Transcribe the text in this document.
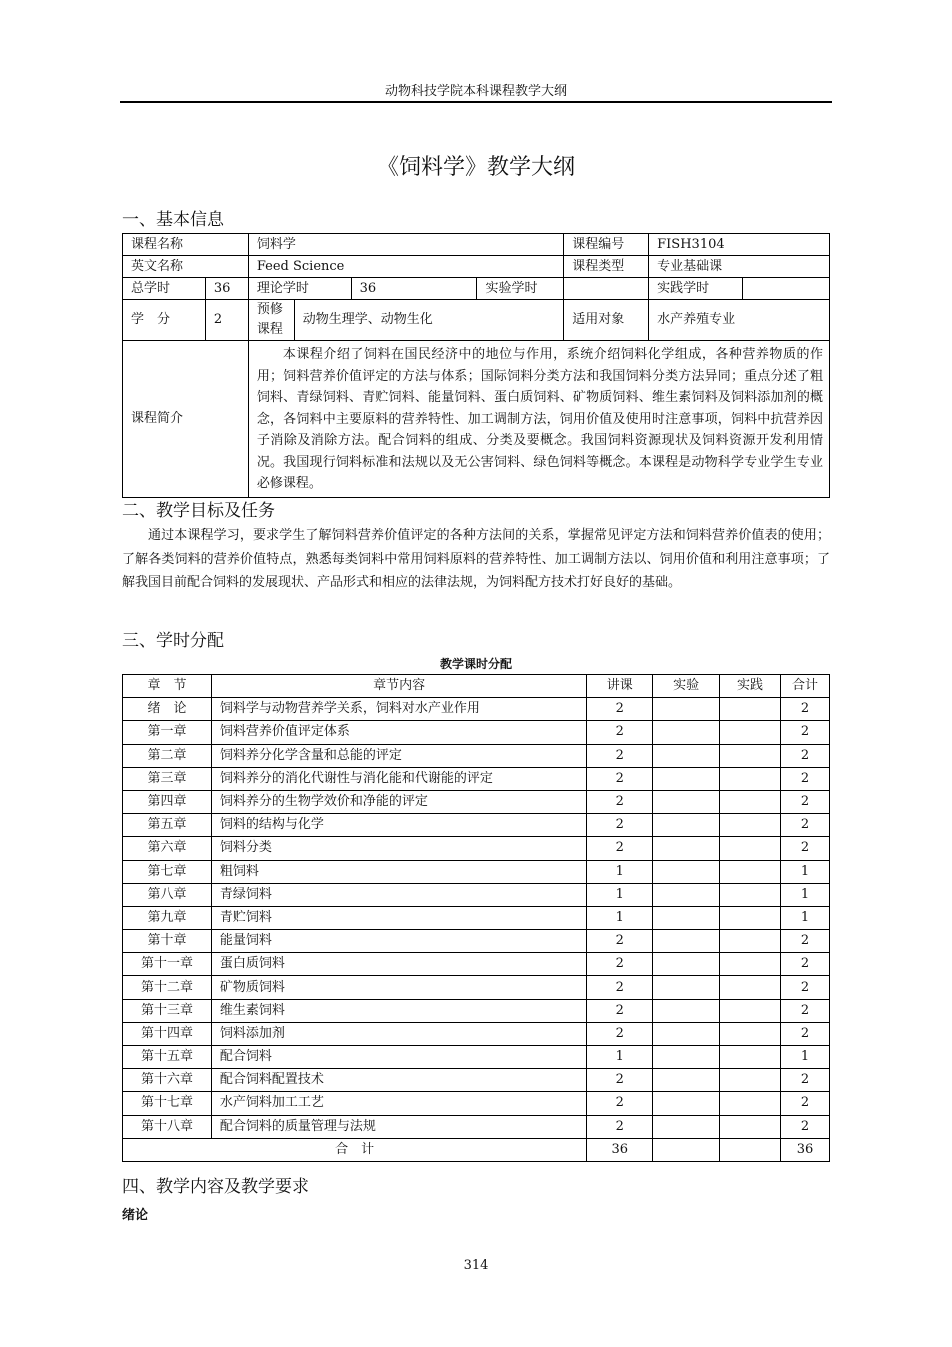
动物科技学院本科课程教学大纲
《饲料学》教学大纲
一、基本信息
课程名称		饲料学				课程编号	FISH3104	
英文名称		Feed Science				课程类型	专业基础课	
总学时	36	理论学时		36	实验学时		实践学时	
学　分	2	预修课程	动物生理学、动物生化			适用对象	水产养殖专业	
课程简介		本课程介绍了饲料在国民经济中的地位与作用，系统介绍饲料化学组成，各种营养物质的作用；饲料营养价值评定的方法与体系；国际饲料分类方法和我国饲料分类方法异同；重点分述了粗饲料、青绿饲料、青贮饲料、能量饲料、蛋白质饲料、矿物质饲料、维生素饲料及饲料添加剂的概念，各饲料中主要原料的营养特性、加工调制方法，饲用价值及使用时注意事项，饲料中抗营养因子消除及消除方法。配合饲料的组成、分类及要概念。我国饲料资源现状及饲料资源开发利用情况。我国现行饲料标准和法规以及无公害饲料、绿色饲料等概念。本课程是动物科学专业学生专业必修课程。						
二、教学目标及任务

通过本课程学习，要求学生了解饲料营养价值评定的各种方法间的关系，掌握常见评定方法和饲料营养价值表的使用；了解各类饲料的营养价值特点，熟悉每类饲料中常用饲料原料的营养特性、加工调制方法以、饲用价值和利用注意事项；了解我国目前配合饲料的发展现状、产品形式和相应的法律法规，为饲料配方技术打好良好的基础。

三、学时分配
教学课时分配
章　节	章节内容	讲课	实验	实践	合计
绪　论	饲料学与动物营养学关系，饲料对水产业作用	2			2
第一章	饲料营养价值评定体系	2			2
第二章	饲料养分化学含量和总能的评定	2			2
第三章	饲料养分的消化代谢性与消化能和代谢能的评定	2			2
第四章	饲料养分的生物学效价和净能的评定	2			2
第五章	饲料的结构与化学	2			2
第六章	饲料分类	2			2
第七章	粗饲料	1			1
第八章	青绿饲料	1			1
第九章	青贮饲料	1			1
第十章	能量饲料	2			2
第十一章	蛋白质饲料	2			2
第十二章	矿物质饲料	2			2
第十三章	维生素饲料	2			2
第十四章	饲料添加剂	2			2
第十五章	配合饲料	1			1
第十六章	配合饲料配置技术	2			2
第十七章	水产饲料加工工艺	2			2
第十八章	配合饲料的质量管理与法规	2			2
合　计		36			36
四、教学内容及教学要求
绪论
314
